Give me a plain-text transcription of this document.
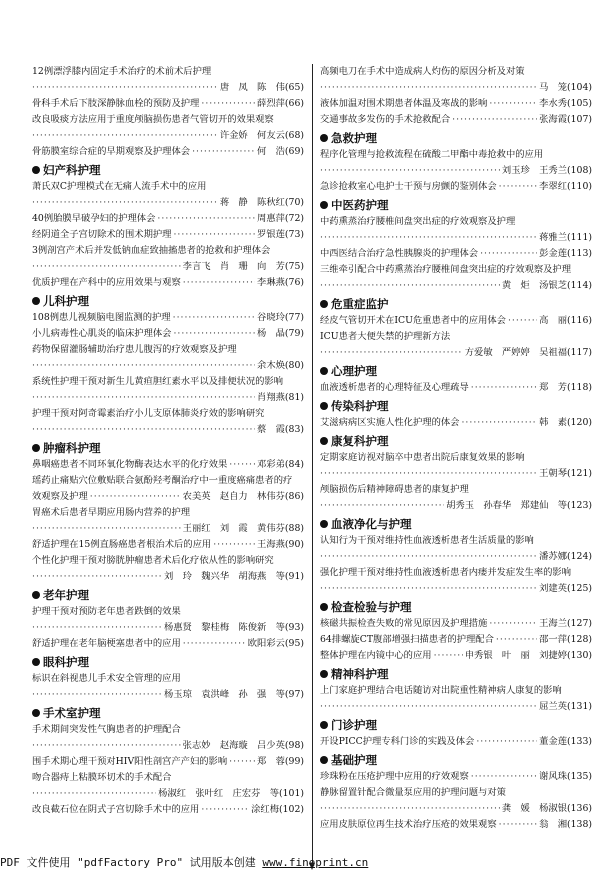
12例漂浮膝内固定手术治疗的术前术后护理
·····
唐　凤　陈　伟(65)
骨科手术后下肢深静脉血栓的预防及护理 ·····	薛烈萍(66)
改良吸痰方法应用于重度颅脑损伤患者气管切开的效果观察
·····
许金娇　何友云(68)
骨筋膜室综合症的早期观察及护理体会 ·····	何　浩(69)
妇产科护理
萧氏双C护理模式在无痛人流手术中的应用
·····
蒋　静　陈秋红(70)
40例胎膜早破孕妇的护理体会 ·····	周惠萍(72)
经阴道全子宫切除术的围术期护理 ·····	罗银莲(73)
3例剖宫产术后并发低钠血症致抽搐患者的抢救和护理体会
·····
李言飞　肖　珊　向　芳(75)
优质护理在产科中的应用效果与观察 ·····	李琳燕(76)
儿科护理
108例患儿视频脑电图监测的护理 ·····	谷晓玲(77)
小儿病毒性心肌炎的临床护理体会 ·····	杨　晶(79)
药物保留灌肠辅助治疗患儿腹泻的疗效观察及护理
·····
余木焕(80)
系统性护理干预对新生儿黄疸胆红素水平以及排便状况的影响
·····
肖翔燕(81)
护理干预对阿奇霉素治疗小儿支原体肺炎疗效的影响研究
·····
蔡　霞(83)
肿瘤科护理
鼻咽癌患者不同环氧化物酶表达水平的化疗效果 ·····	邓彩弟(84)
瑶药止痛贴穴位敷贴联合氨酚羟考酮治疗中一重度癌痛患者的疗
效观察及护理 ·····	农美英　赵自力　林伟芬(86)
胃癌术后患者早期应用肠内营养的护理
·····
王丽红　刘　霞　黄伟芬(88)
舒适护理在15例直肠癌患者根治术后的应用 ·····	王海燕(90)
个性化护理干预对膀胱肿瘤患者术后化疗依从性的影响研究
·····
刘　玲　魏兴华　胡海燕　等(91)
老年护理
护理干预对预防老年患者跌倒的效果
·····
杨惠贤　黎桂梅　陈俊新　等(93)
舒适护理在老年脑梗塞患者中的应用 ·····	欧阳彩云(95)
眼科护理
标识在斜视患儿手术安全管理的应用
·····
杨玉琼　袁洪峰　孙　强　等(97)
手术室护理
手术期间突发性气胸患者的护理配合
·····
张志妙　赵海璇　吕少英(98)
围手术期心理干预对HIV阳性剖宫产产妇的影响 ·····	郑　蓉(99)
吻合器痔上粘膜环切术的手术配合
·····
杨淑红　张叶红　庄宏芬　等(101)
改良截石位在阴式子宫切除手术中的应用 ·····	涂红梅(102)
高频电刀在手术中造成病人灼伤的原因分析及对策
·····
马　笼(104)
液体加温对围术期患者体温及寒战的影响 ·····	李水秀(105)
交通事故多发伤的手术抢救配合 ·····	张海霞(107)
急救护理
程序化管理与抢救流程在硫酸二甲酯中毒抢救中的应用
·····
刘玉珍　王秀兰(108)
急诊抢救室心电护士干预与房颤的鉴别体会 ·····	李翠红(110)
中医药护理
中药熏蒸治疗腰椎间盘突出症的疗效观察及护理
·····
蒋雅兰(111)
中西医结合治疗急性胰腺炎的护理体会 ·····	彭金莲(113)
三维牵引配合中药熏蒸治疗腰椎间盘突出症的疗效观察及护理
·····
黄　炬　汤银芝(114)
危重症监护
经皮气管切开术在ICU危重患者中的应用体会 ·····	高　丽(116)
ICU患者大便失禁的护理新方法
·····
方爱敏　严婷婷　吴祖福(117)
心理护理
血液透析患者的心理特征及心理疏导 ·····	郑　芳(118)
传染科护理
艾滋病病区实施人性化护理的体会 ·····	韩　素(120)
康复科护理
定期家庭访视对脑卒中患者出院后康复效果的影响
·····
王朝琴(121)
颅脑损伤后精神障碍患者的康复护理
·····
胡秀玉　孙春华　郑建仙　等(123)
血液净化与护理
认知行为干预对维持性血液透析患者生活质量的影响
·····
潘苏娜(124)
强化护理干预对维持性血液透析患者内瘘并发症发生率的影响
·····
刘建英(125)
检查检验与护理
核磁共振检查失败的常见原因及护理措施 ·····	王海兰(127)
64排螺旋CT腹部增强扫描患者的护理配合 ·····	邵一萍(128)
整体护理在内镜中心的应用 ·····	申秀银　叶　丽　刘捷婷(130)
精神科护理
上门家庭护理结合电话随访对出院重性精神病人康复的影响
·····
屈兰英(131)
门诊护理
开设PICC护理专科门诊的实践及体会 ·····	董金莲(133)
基础护理
珍珠粉在压疮护理中应用的疗效观察 ·····	谢风珠(135)
静脉留置针配合微量泵应用的护理问题与对策
·····
龚　媛　杨淑银(136)
应用皮肤原位再生技术治疗压疮的效果观察 ·····	翁　湘(138)
PDF 文件使用 "pdfFactory Pro" 试用版本创建 www.fineprint.cn
